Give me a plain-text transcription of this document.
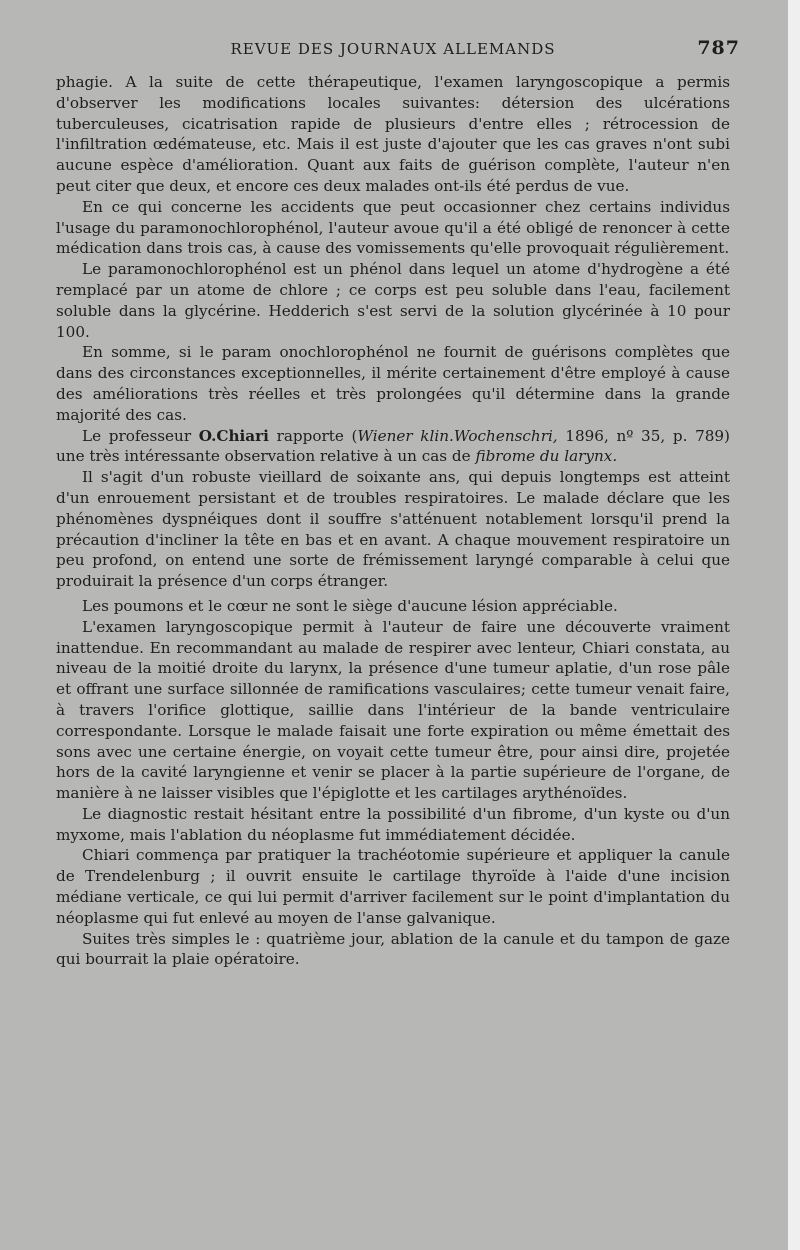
REVUE DES JOURNAUX ALLEMANDS	787

phagie. A la suite de cette thérapeutique, l'examen laryngoscopique a permis d'observer les modifications locales suivantes: détersion des ulcérations tuberculeuses, cicatrisation rapide de plusieurs d'entre elles ; rétrocession de l'infiltration œdémateuse, etc. Mais il est juste d'ajouter que les cas graves n'ont subi aucune espèce d'amélioration. Quant aux faits de guérison complète, l'auteur n'en peut citer que deux, et encore ces deux malades ont-ils été perdus de vue.

En ce qui concerne les accidents que peut occasionner chez certains individus l'usage du paramonochlorophénol, l'auteur avoue qu'il a été obligé de renoncer à cette médication dans trois cas, à cause des vomissements qu'elle provoquait régulièrement.

Le paramonochlorophénol est un phénol dans lequel un atome d'hydrogène a été remplacé par un atome de chlore ; ce corps est peu soluble dans l'eau, facilement soluble dans la glycérine. Hedderich s'est servi de la solution glycérinée à 10 pour 100.

En somme, si le param onochlorophénol ne fournit de guérisons complètes que dans des circonstances exceptionnelles, il mérite certainement d'être employé à cause des améliorations très réelles et très prolongées qu'il détermine dans la grande majorité des cas.

Le professeur O.Chiari rapporte (Wiener klin.Wochenschri, 1896, nº 35, p. 789) une très intéressante observation relative à un cas de fibrome du larynx.

Il s'agit d'un robuste vieillard de soixante ans, qui depuis longtemps est atteint d'un enrouement persistant et de troubles respiratoires. Le malade déclare que les phénomènes dyspnéiques dont il souffre s'atténuent notablement lorsqu'il prend la précaution d'incliner la tête en bas et en avant. A chaque mouvement respiratoire un peu profond, on entend une sorte de frémissement laryngé comparable à celui que produirait la présence d'un corps étranger.

Les poumons et le cœur ne sont le siège d'aucune lésion appréciable.

L'examen laryngoscopique permit à l'auteur de faire une découverte vraiment inattendue. En recommandant au malade de respirer avec lenteur, Chiari constata, au niveau de la moitié droite du larynx, la présence d'une tumeur aplatie, d'un rose pâle et offrant une surface sillonnée de ramifications vasculaires; cette tumeur venait faire, à travers l'orifice glottique, saillie dans l'intérieur de la bande ventriculaire correspondante. Lorsque le malade faisait une forte expiration ou même émettait des sons avec une certaine énergie, on voyait cette tumeur être, pour ainsi dire, projetée hors de la cavité laryngienne et venir se placer à la partie supérieure de l'organe, de manière à ne laisser visibles que l'épiglotte et les cartilages arythénoïdes.

Le diagnostic restait hésitant entre la possibilité d'un fibrome, d'un kyste ou d'un myxome, mais l'ablation du néoplasme fut immédiatement décidée.

Chiari commença par pratiquer la trachéotomie supérieure et appliquer la canule de Trendelenburg ; il ouvrit ensuite le cartilage thyroïde à l'aide d'une incision médiane verticale, ce qui lui permit d'arriver facilement sur le point d'implantation du néoplasme qui fut enlevé au moyen de l'anse galvanique.

Suites très simples le : quatrième jour, ablation de la canule et du tampon de gaze qui bourrait la plaie opératoire.
